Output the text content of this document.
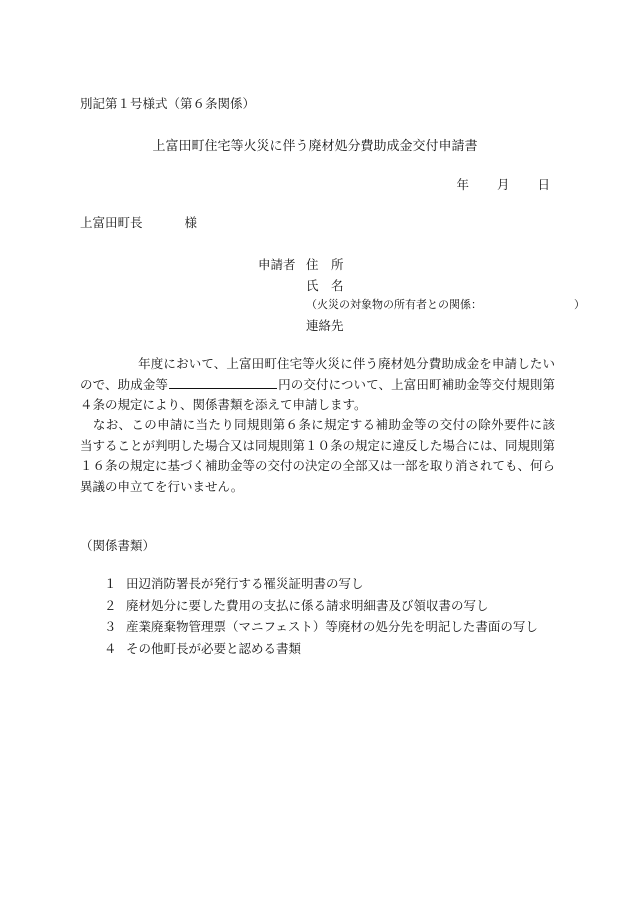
別記第１号様式（第６条関係）
上富田町住宅等火災に伴う廃材処分費助成金交付申請書
年 月 日
上富田町長	様
申請者 住　所
氏　名
（火災の対象物の所有者との関係：	）
連絡先
年度において、上富田町住宅等火災に伴う廃材処分費助成金を申請したいので、助成金等	円の交付について、上富田町補助金等交付規則第４条の規定により、関係書類を添えて申請します。
　なお、この申請に当たり同規則第６条に規定する補助金等の交付の除外要件に該当することが判明した場合又は同規則第１０条の規定に違反した場合には、同規則第１６条の規定に基づく補助金等の交付の決定の全部又は一部を取り消されても、何ら異議の申立てを行いません。
（関係書類）
１ 田辺消防署長が発行する罹災証明書の写し
２ 廃材処分に要した費用の支払に係る請求明細書及び領収書の写し
３ 産業廃棄物管理票（マニフェスト）等廃材の処分先を明記した書面の写し
４ その他町長が必要と認める書類
